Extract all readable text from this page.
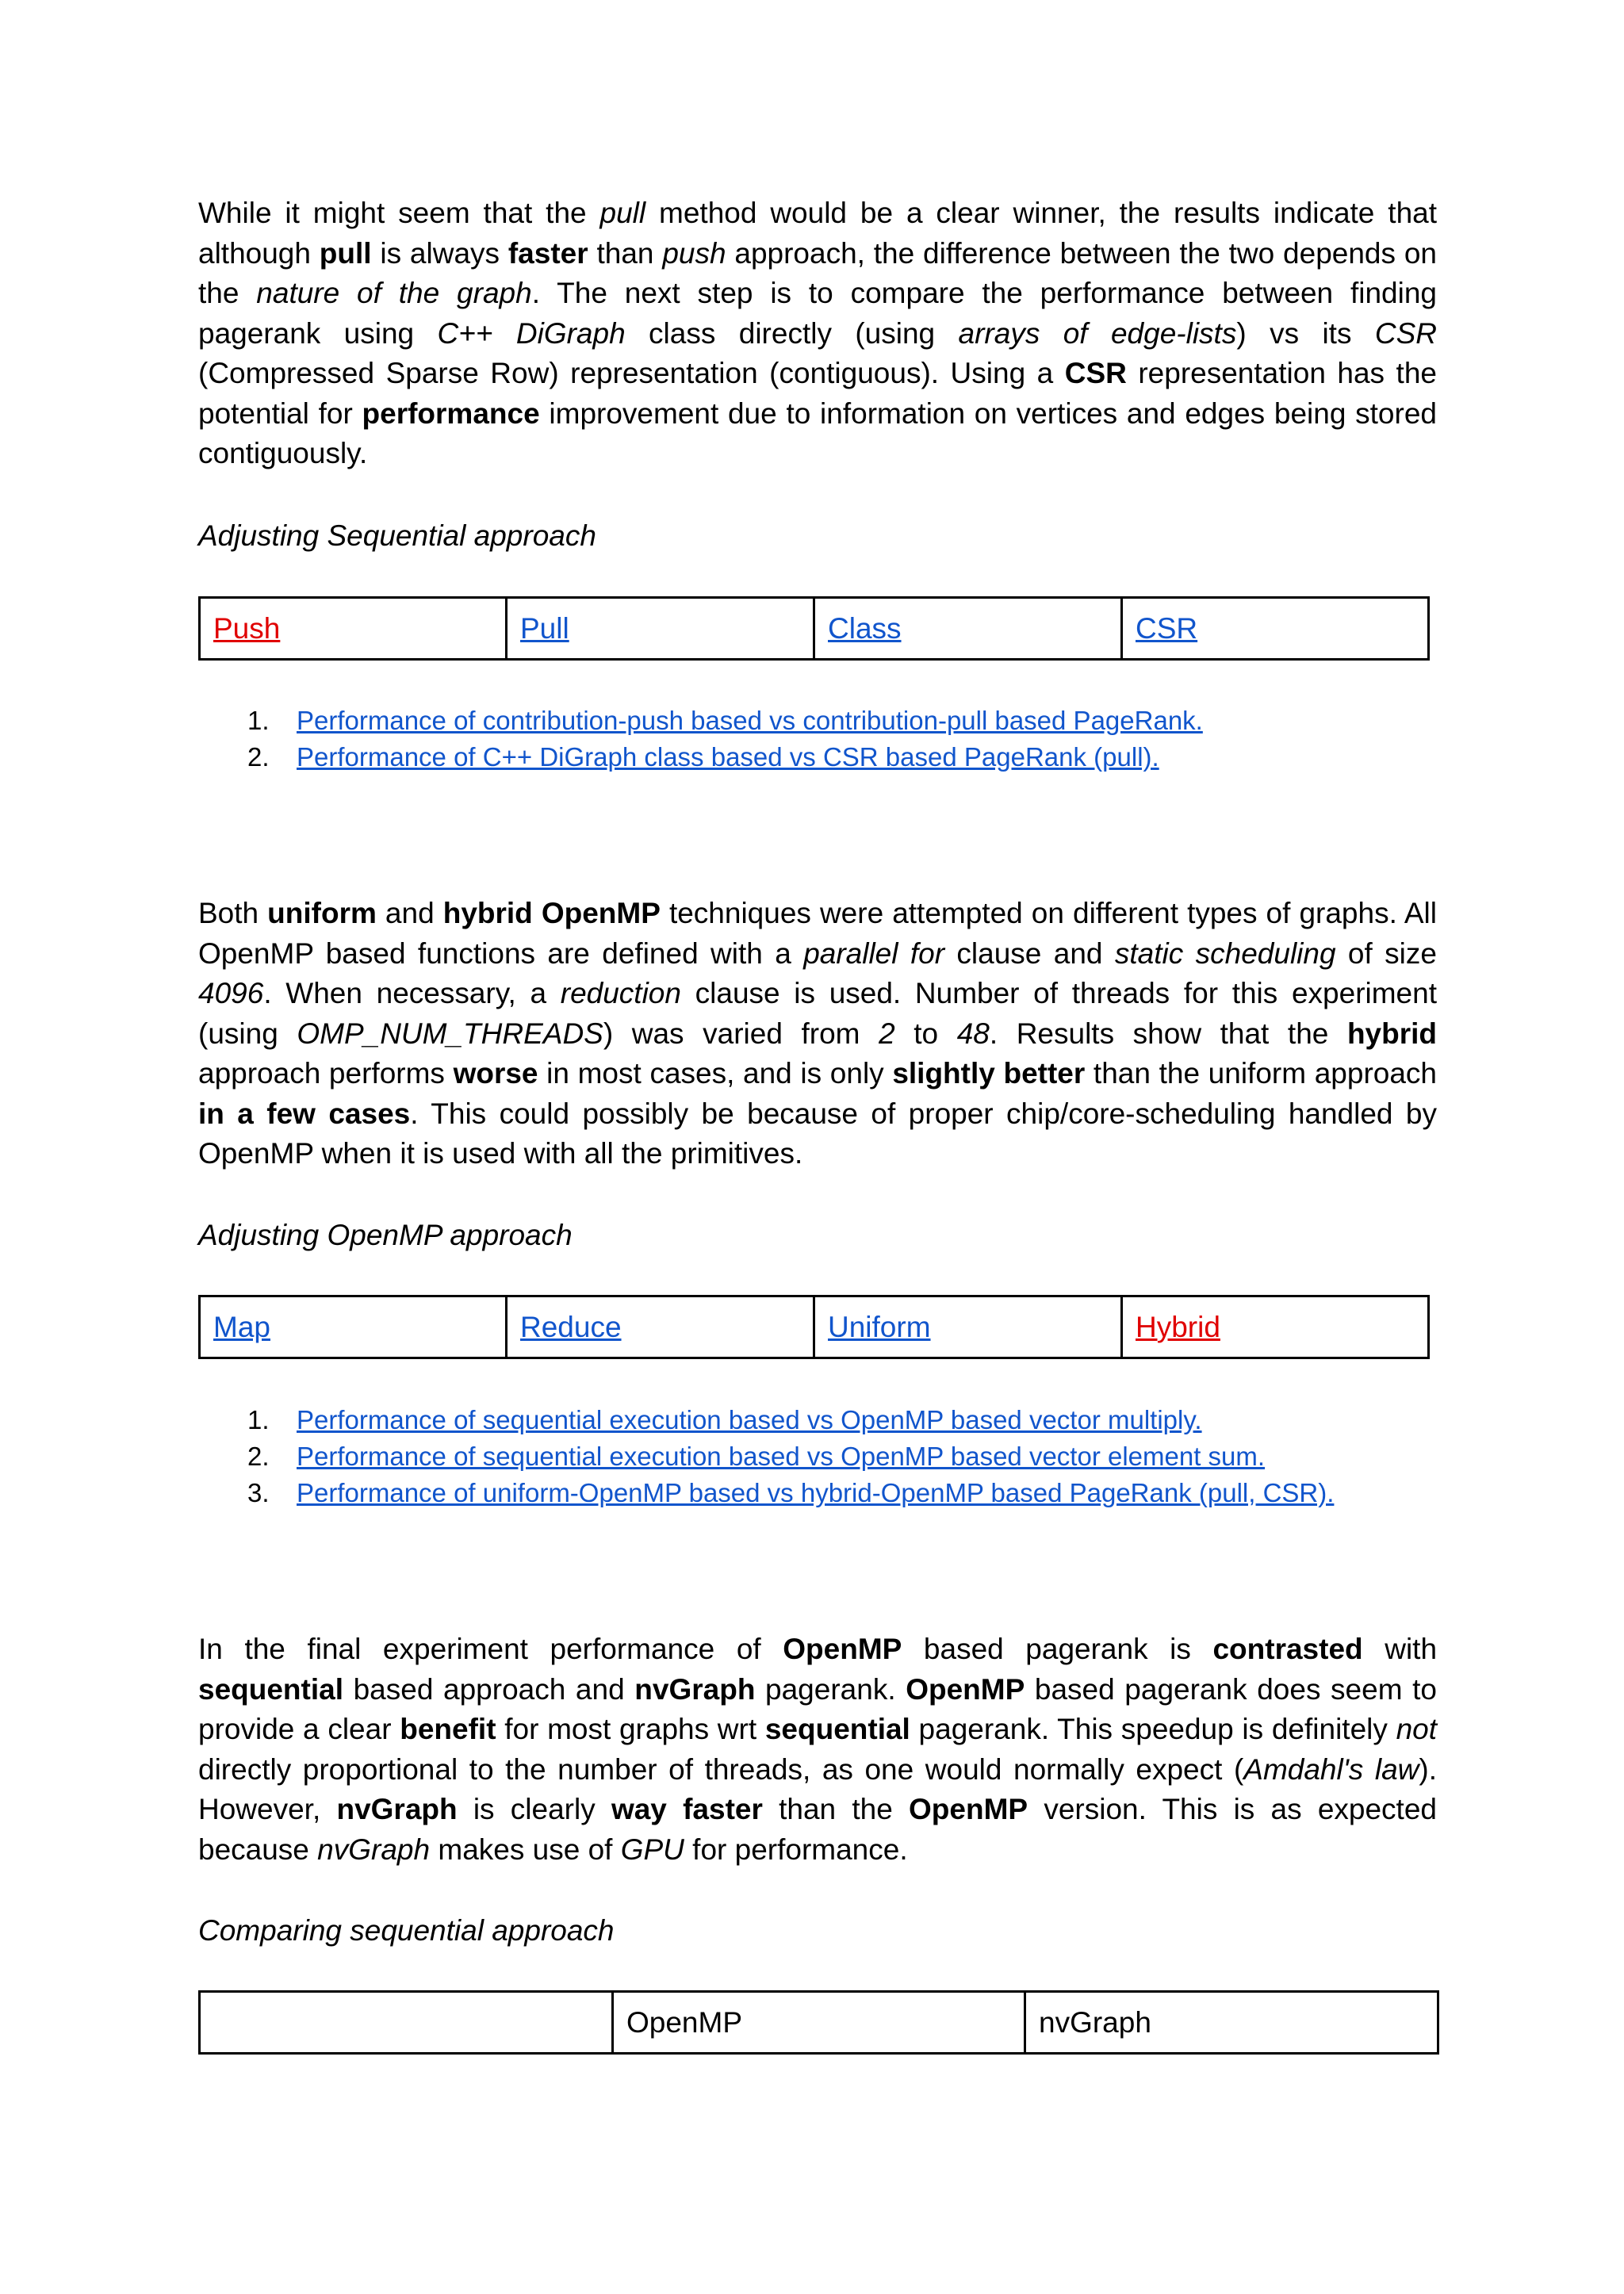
While it might seem that the pull method would be a clear winner, the results indicate that although pull is always faster than push approach, the difference between the two depends on the nature of the graph. The next step is to compare the performance between finding pagerank using C++ DiGraph class directly (using arrays of edge-lists) vs its CSR (Compressed Sparse Row) representation (contiguous). Using a CSR representation has the potential for performance improvement due to information on vertices and edges being stored contiguously.

Adjusting Sequential approach

Push	Pull	Class	CSR
1. Performance of contribution-push based vs contribution-pull based PageRank.
2. Performance of C++ DiGraph class based vs CSR based PageRank (pull).

Both uniform and hybrid OpenMP techniques were attempted on different types of graphs. All OpenMP based functions are defined with a parallel for clause and static scheduling of size 4096. When necessary, a reduction clause is used. Number of threads for this experiment (using OMP_NUM_THREADS) was varied from 2 to 48. Results show that the hybrid approach performs worse in most cases, and is only slightly better than the uniform approach in a few cases. This could possibly be because of proper chip/core-scheduling handled by OpenMP when it is used with all the primitives.

Adjusting OpenMP approach

Map	Reduce	Uniform	Hybrid
1. Performance of sequential execution based vs OpenMP based vector multiply.
2. Performance of sequential execution based vs OpenMP based vector element sum.
3. Performance of uniform-OpenMP based vs hybrid-OpenMP based PageRank (pull, CSR).

In the final experiment performance of OpenMP based pagerank is contrasted with sequential based approach and nvGraph pagerank. OpenMP based pagerank does seem to provide a clear benefit for most graphs wrt sequential pagerank. This speedup is definitely not directly proportional to the number of threads, as one would normally expect (Amdahl's law). However, nvGraph is clearly way faster than the OpenMP version. This is as expected because nvGraph makes use of GPU for performance.

Comparing sequential approach

	OpenMP	nvGraph
